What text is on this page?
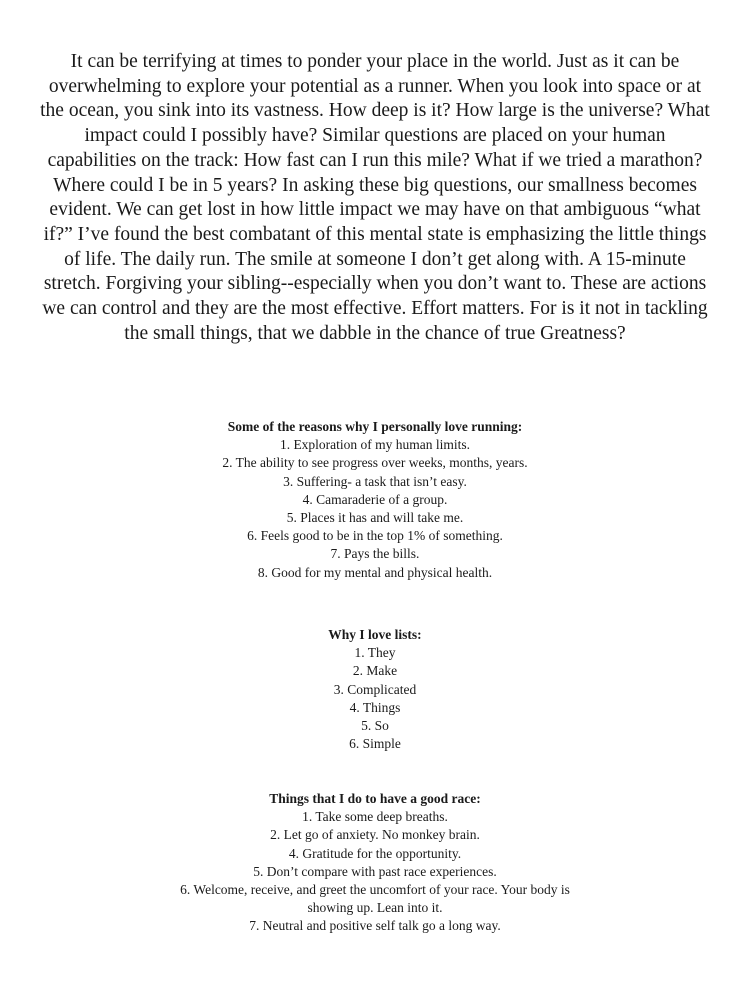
It can be terrifying at times to ponder your place in the world. Just as it can be overwhelming to explore your potential as a runner. When you look into space or at the ocean, you sink into its vastness. How deep is it? How large is the universe? What impact could I possibly have? Similar questions are placed on your human capabilities on the track: How fast can I run this mile? What if we tried a marathon? Where could I be in 5 years? In asking these big questions, our smallness becomes evident. We can get lost in how little impact we may have on that ambiguous “what if?” I’ve found the best combatant of this mental state is emphasizing the little things of life. The daily run. The smile at someone I don’t get along with. A 15-minute stretch. Forgiving your sibling--especially when you don’t want to. These are actions we can control and they are the most effective. Effort matters. For is it not in tackling the small things, that we dabble in the chance of true Greatness?

Some of the reasons why I personally love running:
1. Exploration of my human limits.
2. The ability to see progress over weeks, months, years.
3. Suffering- a task that isn’t easy.
4. Camaraderie of a group.
5. Places it has and will take me.
6. Feels good to be in the top 1% of something.
7. Pays the bills.
8. Good for my mental and physical health.
Why I love lists:
1. They
2. Make
3. Complicated
4. Things
5. So
6. Simple
Things that I do to have a good race:
1. Take some deep breaths.
2. Let go of anxiety. No monkey brain.
4. Gratitude for the opportunity.
5. Don’t compare with past race experiences.
6. Welcome, receive, and greet the uncomfort of your race. Your body is showing up. Lean into it.
7. Neutral and positive self talk go a long way.
